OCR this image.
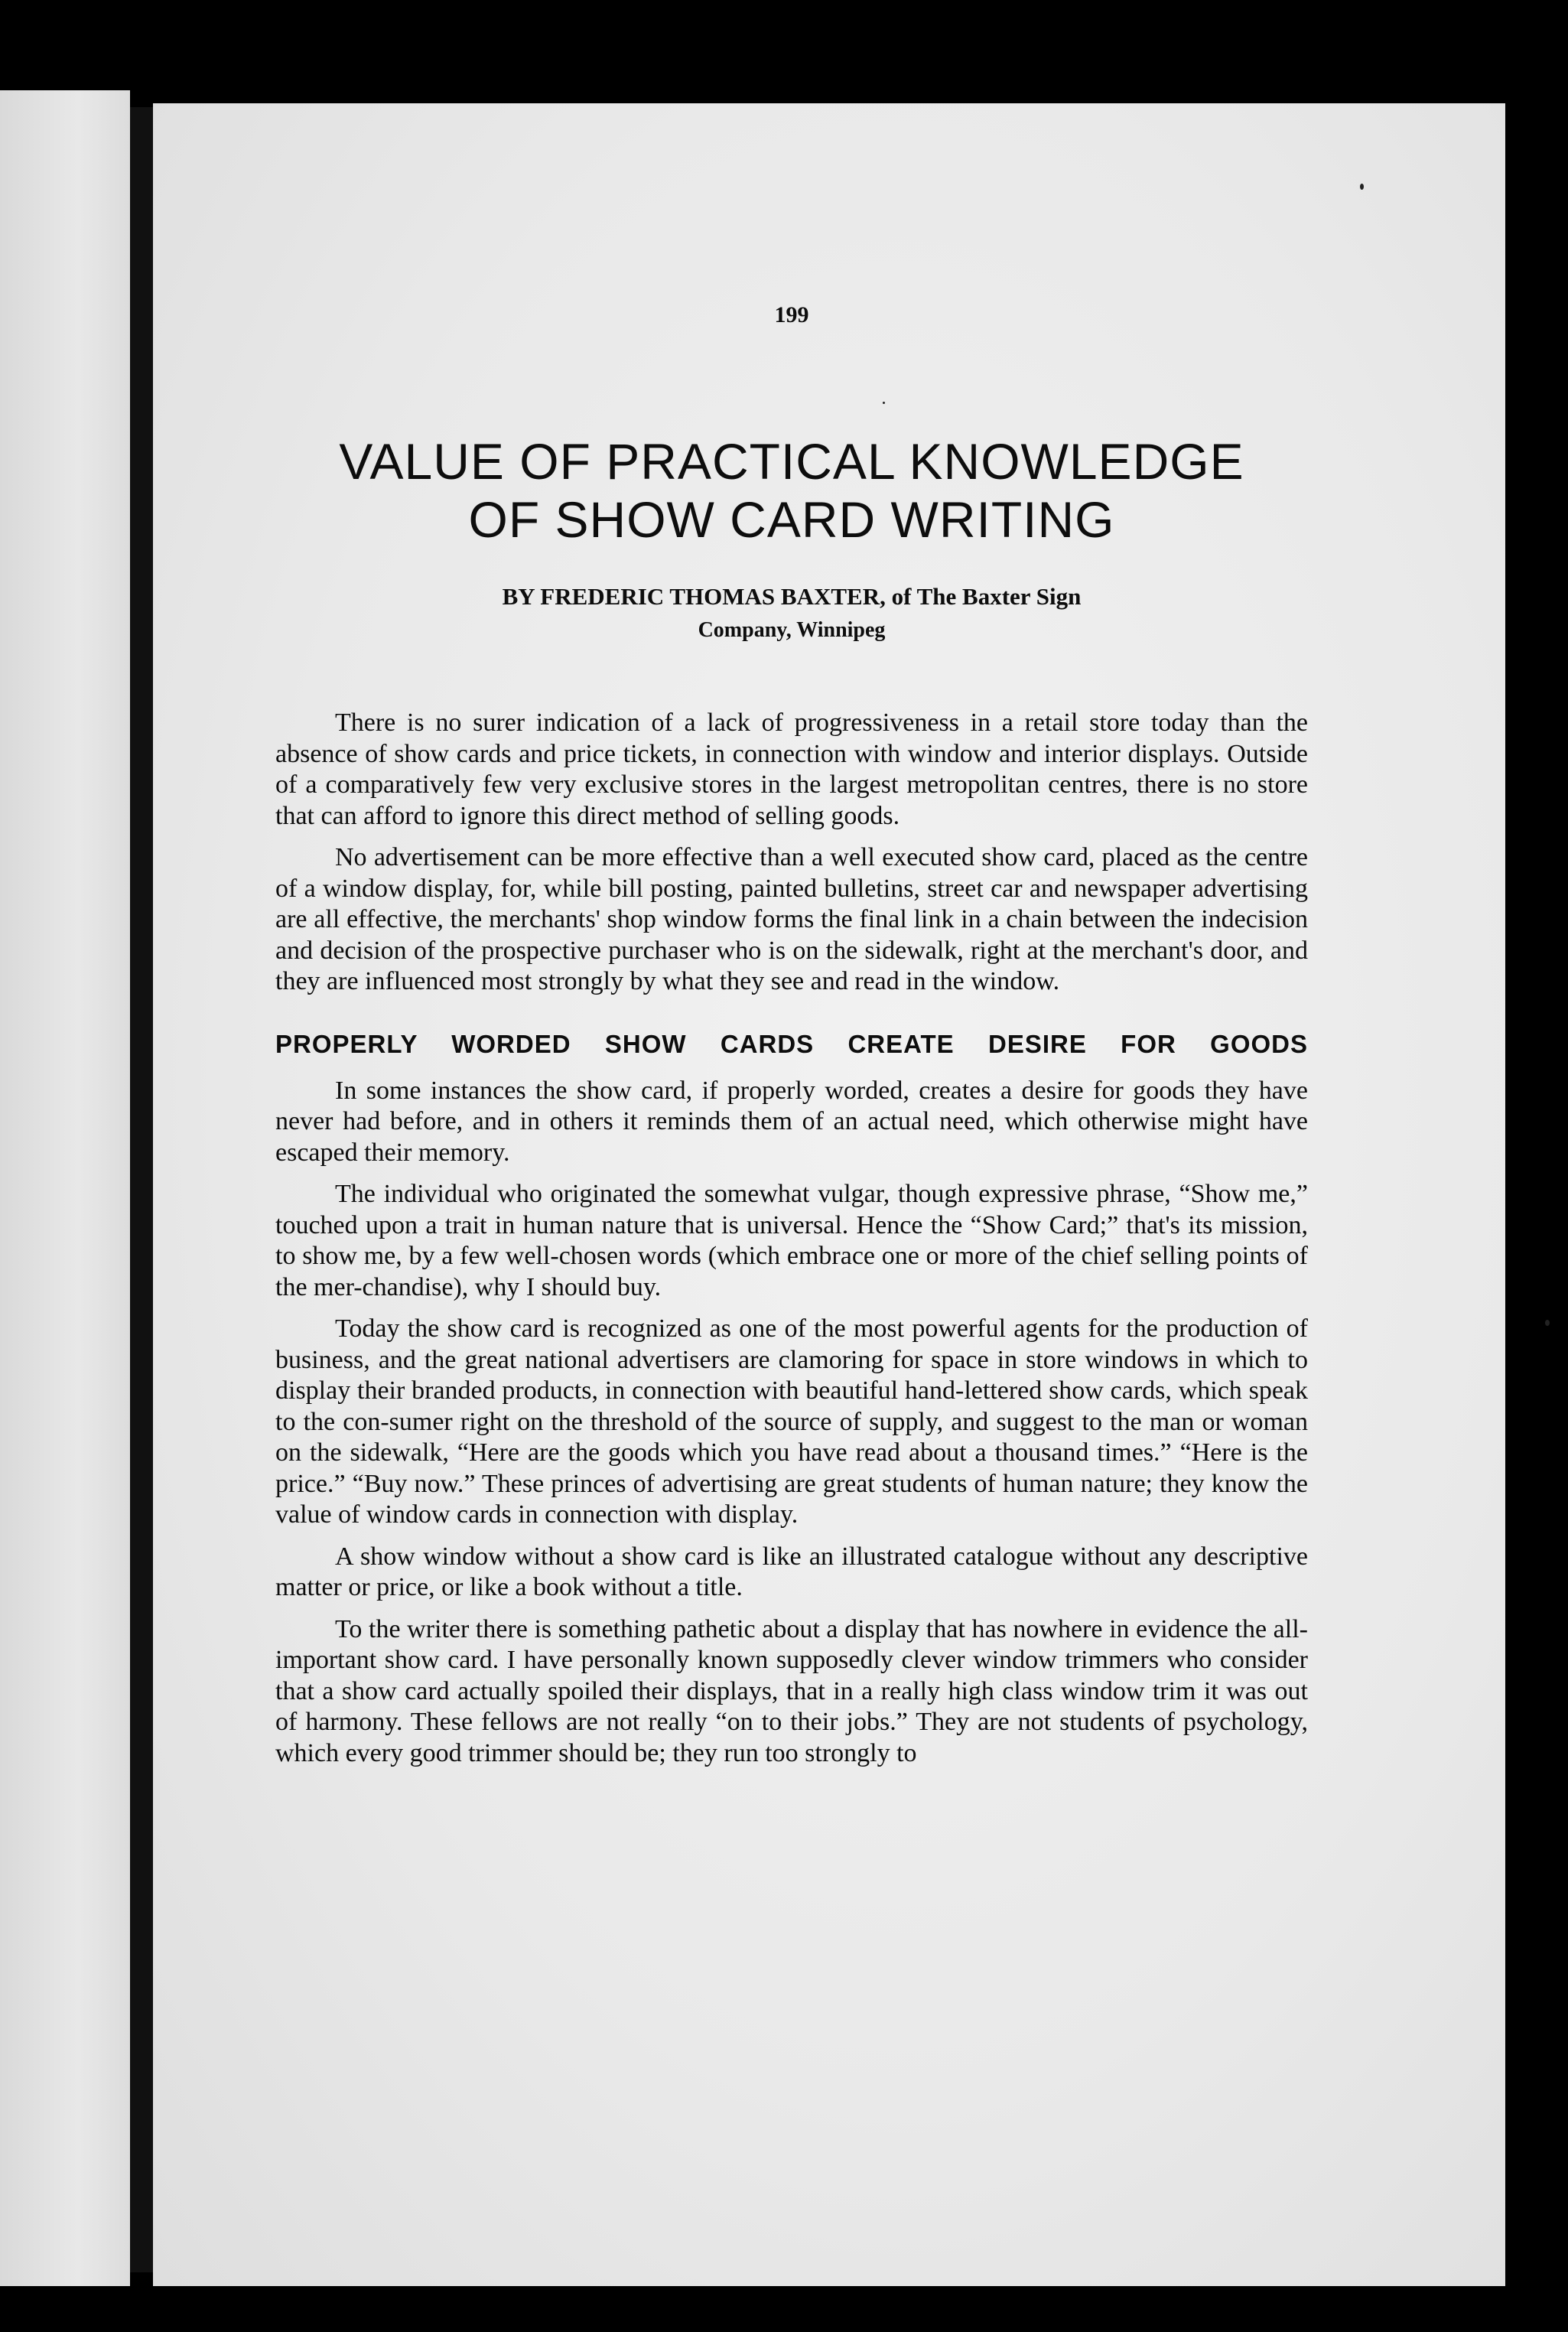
199
VALUE OF PRACTICAL KNOWLEDGE
OF SHOW CARD WRITING
BY FREDERIC THOMAS BAXTER, of The Baxter Sign
Company, Winnipeg

There is no surer indication of a lack of progressiveness in a retail store today than the absence of show cards and price tickets, in connection with window and interior displays. Outside of a comparatively few very exclusive stores in the largest metropolitan centres, there is no store that can afford to ignore this direct method of selling goods.

No advertisement can be more effective than a well executed show card, placed as the centre of a window display, for, while bill posting, painted bulletins, street car and newspaper advertising are all effective, the merchants' shop window forms the final link in a chain between the indecision and decision of the prospective purchaser who is on the sidewalk, right at the merchant's door, and they are influenced most strongly by what they see and read in the window.

PROPERLY WORDED SHOW CARDS CREATE DESIRE FOR GOODS

In some instances the show card, if properly worded, creates a desire for goods they have never had before, and in others it reminds them of an actual need, which otherwise might have escaped their memory.

The individual who originated the somewhat vulgar, though expressive phrase, “Show me,” touched upon a trait in human nature that is universal. Hence the “Show Card;” that's its mission, to show me, by a few well-chosen words (which embrace one or more of the chief selling points of the mer-chandise), why I should buy.

Today the show card is recognized as one of the most powerful agents for the production of business, and the great national advertisers are clamoring for space in store windows in which to display their branded products, in connection with beautiful hand-lettered show cards, which speak to the con-sumer right on the threshold of the source of supply, and suggest to the man or woman on the sidewalk, “Here are the goods which you have read about a thousand times.” “Here is the price.” “Buy now.” These princes of advertising are great students of human nature; they know the value of window cards in connection with display.

A show window without a show card is like an illustrated catalogue without any descriptive matter or price, or like a book without a title.

To the writer there is something pathetic about a display that has nowhere in evidence the all-important show card. I have personally known supposedly clever window trimmers who consider that a show card actually spoiled their displays, that in a really high class window trim it was out of harmony. These fellows are not really “on to their jobs.” They are not students of psychology, which every good trimmer should be; they run too strongly to
